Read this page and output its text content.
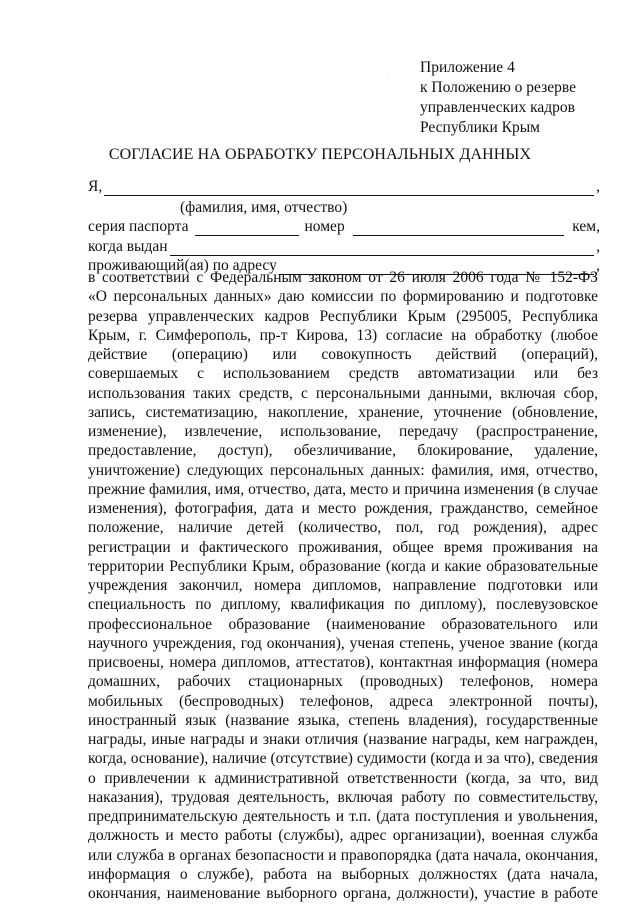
Приложение 4
к Положению о резерве
управленческих кадров
Республики Крым
СОГЛАСИЕ НА ОБРАБОТКУ ПЕРСОНАЛЬНЫХ ДАННЫХ
Я,	,
(фамилия, имя, отчество)
серия паспорта	номер	кем,
когда выдан	,
проживающий(ая) по адресу	,
в соответствии с Федеральным законом от 26 июля 2006 года № 152-ФЗ
«О персональных данных» даю комиссии по формированию и подготовке
резерва управленческих кадров Республики Крым (295005, Республика
Крым, г. Симферополь, пр-т Кирова, 13) согласие на обработку (любое
действие (операцию) или совокупность действий (операций),
совершаемых с использованием средств автоматизации или без
использования таких средств, с персональными данными, включая сбор,
запись, систематизацию, накопление, хранение, уточнение (обновление,
изменение), извлечение, использование, передачу (распространение,
предоставление, доступ), обезличивание, блокирование, удаление,
уничтожение) следующих персональных данных: фамилия, имя, отчество,
прежние фамилия, имя, отчество, дата, место и причина изменения (в случае
изменения), фотография, дата и место рождения, гражданство, семейное
положение, наличие детей (количество, пол, год рождения), адрес
регистрации и фактического проживания, общее время проживания на
территории Республики Крым, образование (когда и какие образовательные
учреждения закончил, номера дипломов, направление подготовки или
специальность по диплому, квалификация по диплому), послевузовское
профессиональное образование (наименование образовательного или
научного учреждения, год окончания), ученая степень, ученое звание (когда
присвоены, номера дипломов, аттестатов), контактная информация (номера
домашних, рабочих стационарных (проводных) телефонов, номера
мобильных (беспроводных) телефонов, адреса электронной почты),
иностранный язык (название языка, степень владения), государственные
награды, иные награды и знаки отличия (название награды, кем награжден,
когда, основание), наличие (отсутствие) судимости (когда и за что), сведения
о привлечении к административной ответственности (когда, за что, вид
наказания), трудовая деятельность, включая работу по совместительству,
предпринимательскую деятельность и т.п. (дата поступления и увольнения,
должность и место работы (службы), адрес организации), военная служба
или служба в органах безопасности и правопорядка (дата начала, окончания,
информация о службе), работа на выборных должностях (дата начала,
окончания, наименование выборного органа, должности), участие в работе
